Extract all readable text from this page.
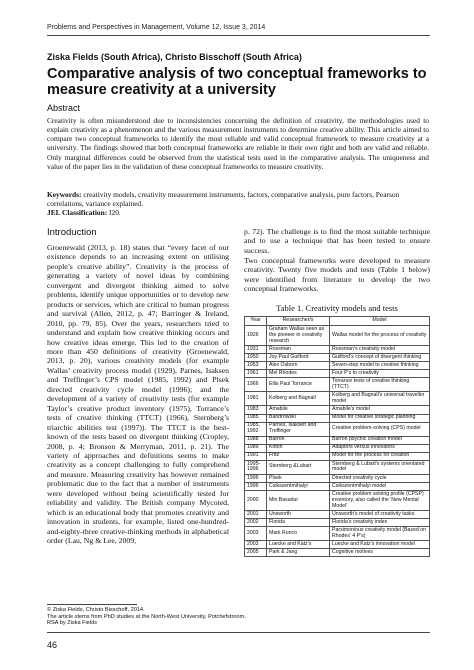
Problems and Perspectives in Management, Volume 12, Issue 3, 2014
Ziska Fields (South Africa), Christo Bisschoff (South Africa)
Comparative analysis of two conceptual frameworks to measure creativity at a university
Abstract
Creativity is often misunderstood due to inconsistencies concerning the definition of creativity, the methodologies used to explain creativity as a phenomenon and the various measurement instruments to determine creative ability. This article aimed to compare two conceptual frameworks to identify the most reliable and valid conceptual framework to measure creativity at a university. The findings showed that both conceptual frameworks are reliable in their own right and both are valid and reliable. Only marginal differences could be observed from the statistical tests used in the comparative analysis. The uniqueness and value of the paper lies in the validation of these conceptual frameworks to measure creativity.
Keywords: creativity models, creativity measurement instruments, factors, comparative analysis, pure factors, Pearson correlations, variance explained.
JEL Classification: I20.
Introduction
Groenewald (2013, p. 18) states that “every facet of our existence depends to an increasing extent on utilising people’s creative ability”. Creativity is the process of generating a variety of novel ideas by combining convergent and divergent thinking aimed to solve problems, identify unique opportunities or to develop new products or services, which are critical to human progress and survival (Allen, 2012, p. 47; Barringer & Ireland, 2010, pp. 79, 85). Over the years, researchers tried to understand and explain how creative thinking occurs and how creative ideas emerge. This led to the creation of more than 450 definitions of creativity (Groenewald, 2013, p. 20), various creativity models (for example Wallas’ creativity process model (1929), Parnes, Isaksen and Treffinger’s CPS model (1985, 1992) and Plsek directed creativity cycle model (1996); and the development of a variety of creativity tests (for example Taylor’s creative product inventory (1975), Torrance’s tests of creative thinking (TTCT) (1966), Sternberg’s triarchic abilities test (1997)). The TTCT is the best-known of the tests based on divergent thinking (Cropley, 2008, p. 4; Bronson & Merryman, 2011, p. 21). The variety of approaches and definitions seems to make creativity as a concept challenging to fully comprehend and measure. Measuring creativity has however remained problematic due to the fact that a number of instruments were developed without being scientifically tested for reliability and validity. The British company Mycoted, which is an educational body that promotes creativity and innovation in students, for example, listed one-hundred-and-eighty-three creative-thinking methods in alphabetical order (Lau, Ng & Lee, 2009,
p. 72). The challenge is to find the most suitable technique and to use a technique that has been tested to ensure success.
Two conceptual frameworks were developed to measure creativity. Twenty five models and tests (Table 1 below) were identified from literature to develop the two conceptual frameworks.
Table 1. Creativity models and tests
Year	Researcher/s	Model
1926	Graham Wallas seen as the pioneer in creativity research	Wallas model for the process of creativity
1931	Rossman	Rossman’s creativity model
1950	Joy Paul Guilford	Guilford’s concept of divergent thinking
1953	Alex Osborn	Seven-step model to creative thinking
1961	Mel Rhodes	Four P’s to creativity
1966	Ellis Paul Torrance	Torrance tests of creative thinking (TTCT)
1981	Kolberg and Bagnall	Kolberg and Bagnall’s universal traveller model
1983	Amabile	Amabile’s model
1985	Bandrowski	Model for creative strategic planning
1985, 1992	Parnes, Isaksen and Treffinger	Creative problem-solving (CPS) model
1988	Barron	Barron psychic creation model
1989	Kirton	Adaptors versus innovators
1991	Fritz	Model for the process for creation
1995-1996	Sternberg &Lubart	Sternberg & Lubart’s systems orientated model
1996	Plsek	Directed creativity cycle
1996	Csikszentmihalyi	Csikszentmihalyi model
2000	Min Basadur	Creative problem solving profile (CPSP) inventory, also called the ‘New Mental Model’
2001	Unsworth	Unsworth’s model of creativity tasks
2002	Florida	Florida’s creativity index
2003	Mark Runco	Parsimonious creativity model (Based on Rhodes’ 4 P’s)
2003	Luecke and Katz’s	Luecke and Katz’s innovation model
2005	Park & Jang	Cognitive motives
© Ziska Fields, Christo Bisschoff, 2014.
The article stems from PhD studies at the North-West University, Potchefstroom, RSA by Ziska Fields
46
